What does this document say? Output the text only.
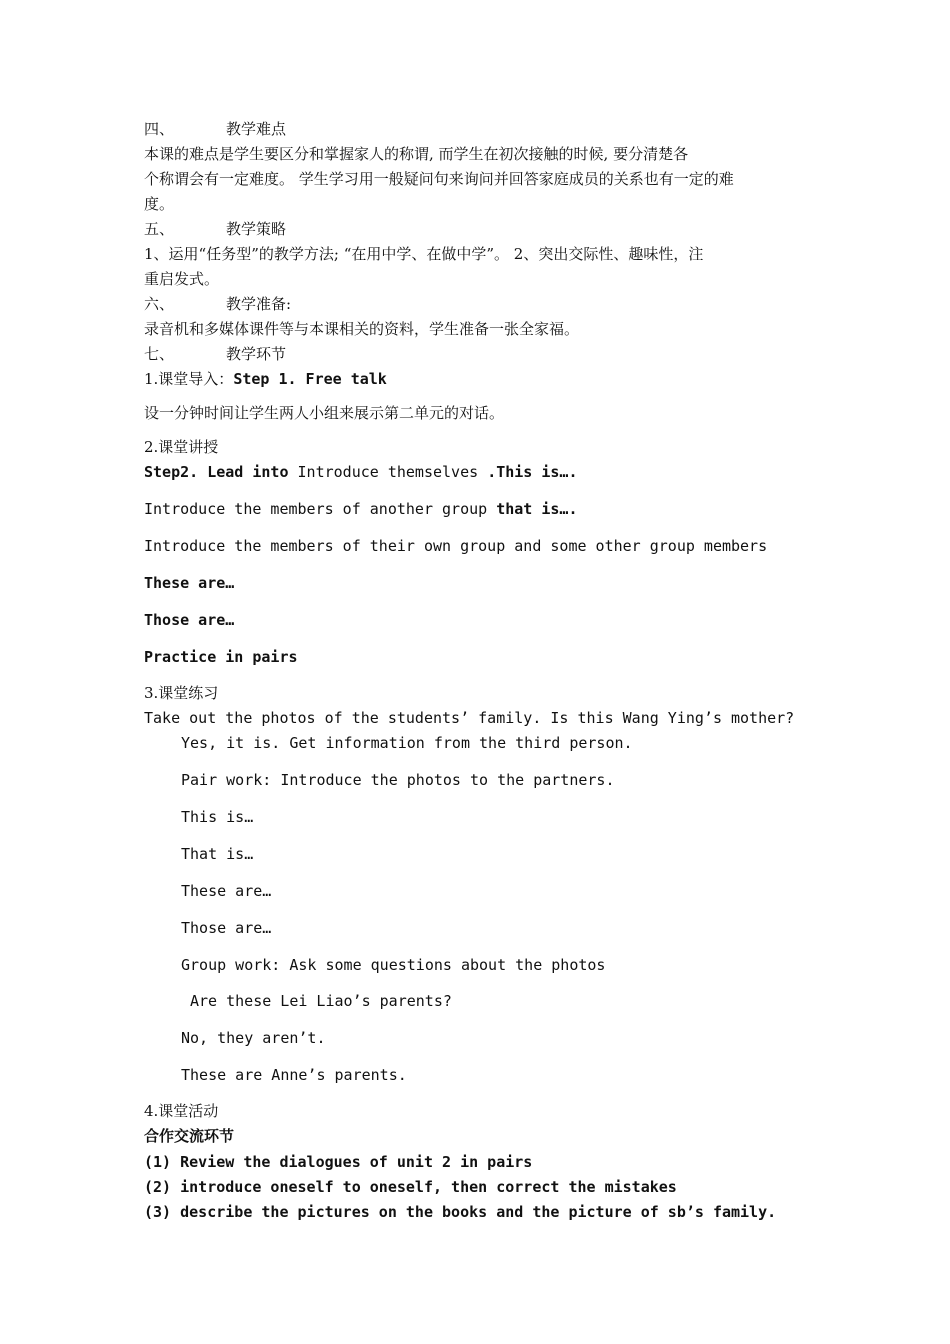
四、	教学难点
本课的难点是学生要区分和掌握家人的称谓, 而学生在初次接触的时候, 要分清楚各
个称谓会有一定难度。 学生学习用一般疑问句来询问并回答家庭成员的关系也有一定的难
度。
五、	教学策略
1、运用“任务型”的教学方法; “在用中学、在做中学”。 2、突出交际性、趣味性，注
重启发式。
六、	教学准备:
录音机和多媒体课件等与本课相关的资料，学生准备一张全家福。
七、	教学环节
1.课堂导入：Step 1. Free talk
设一分钟时间让学生两人小组来展示第二单元的对话。
2.课堂讲授
Step2. Lead into Introduce themselves .This is….
Introduce the members of another group that is….
Introduce the members of their own group and some other group members
These are…
Those are…
Practice in pairs
3.课堂练习
Take out the photos of the students’ family. Is this Wang Ying’s mother?
Yes, it is. Get information from the third person.
Pair work: Introduce the photos to the partners.
This is…
That is…
These are…
Those are…
Group work: Ask some questions about the photos
Are these Lei Liao’s parents?
No, they aren’t.
These are Anne’s parents.
4.课堂活动
合作交流环节
(1) Review the dialogues of unit 2 in pairs
(2) introduce oneself to oneself, then correct the mistakes
(3) describe the pictures on the books and the picture of sb’s family.
